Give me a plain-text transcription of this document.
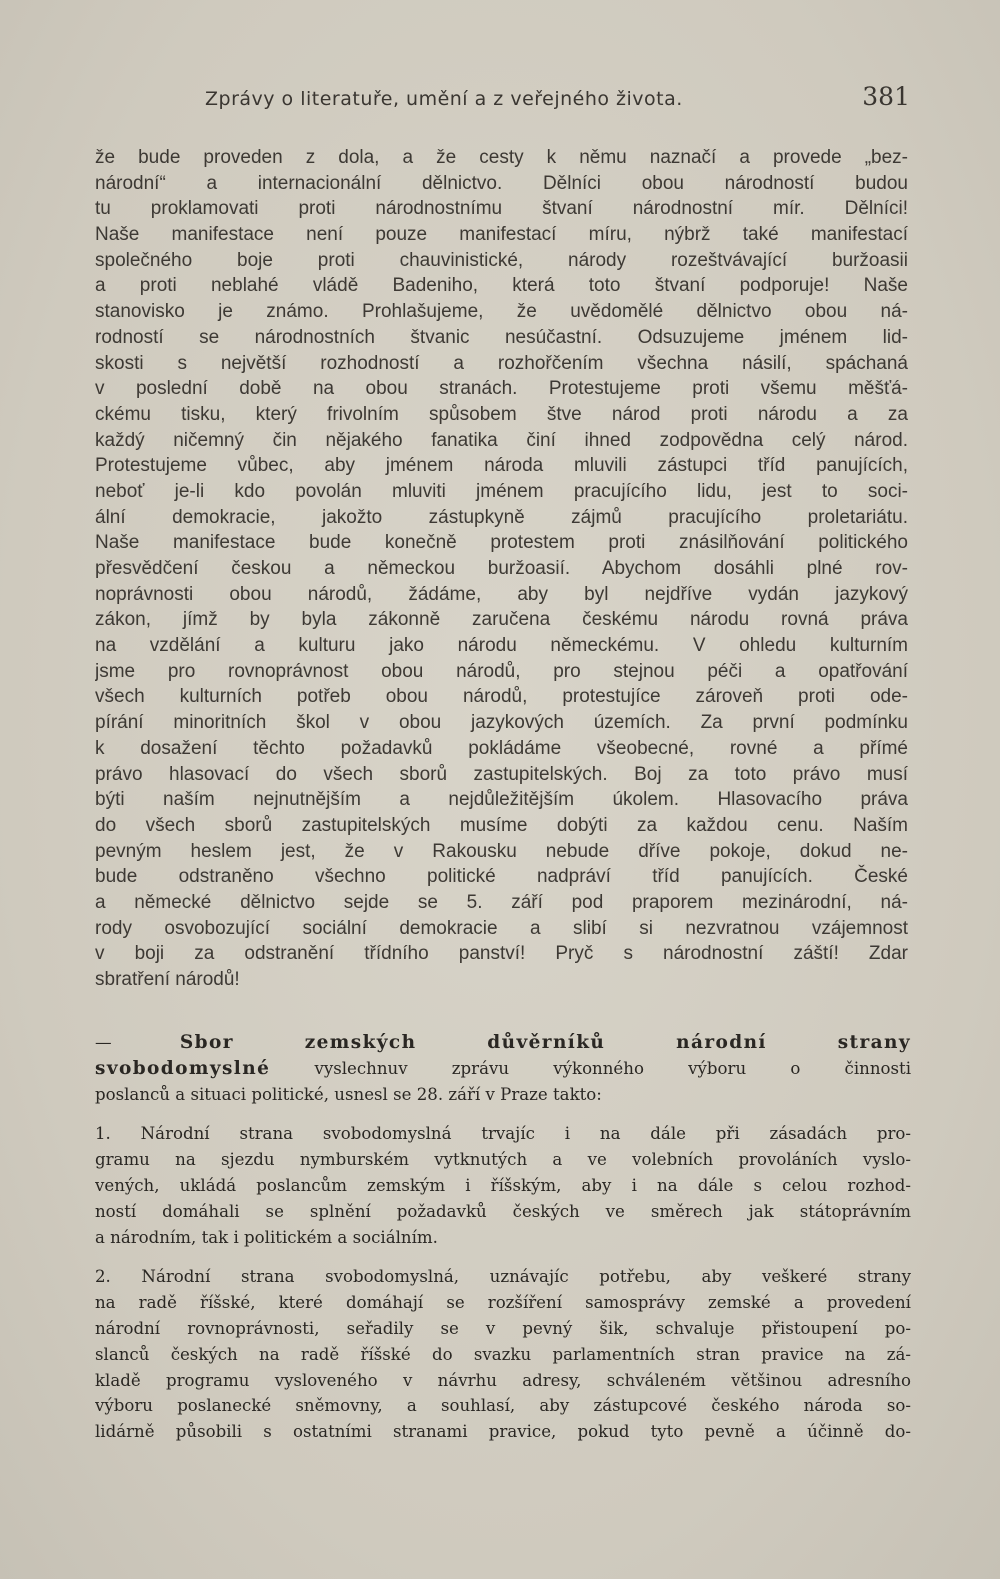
Zprávy o literatuře, umění a z veřejného života.	381
že bude proveden z dola, a že cesty k němu naznačí a provede „bez-
národní“ a internacionální dělnictvo. Dělníci obou národností budou
tu proklamovati proti národnostnímu štvaní národnostní mír. Dělníci!
Naše manifestace není pouze manifestací míru, nýbrž také manifestací
společného boje proti chauvinistické, národy rozeštvávající buržoasii
a proti neblahé vládě Badeniho, která toto štvaní podporuje! Naše
stanovisko je známo. Prohlašujeme, že uvědomělé dělnictvo obou ná-
rodností se národnostních štvanic nesúčastní. Odsuzujeme jménem lid-
skosti s největší rozhodností a rozhořčením všechna násilí, spáchaná
v poslední době na obou stranách. Protestujeme proti všemu měšťá-
ckému tisku, který frivolním spůsobem štve národ proti národu a za
každý ničemný čin nějakého fanatika činí ihned zodpovědna celý národ.
Protestujeme vůbec, aby jménem národa mluvili zástupci tříd panujících,
neboť je-li kdo povolán mluviti jménem pracujícího lidu, jest to soci-
ální demokracie, jakožto zástupkyně zájmů pracujícího proletariátu.
Naše manifestace bude konečně protestem proti znásilňování politického
přesvědčení českou a německou buržoasií. Abychom dosáhli plné rov-
noprávnosti obou národů, žádáme, aby byl nejdříve vydán jazykový
zákon, jímž by byla zákonně zaručena českému národu rovná práva
na vzdělání a kulturu jako národu německému. V ohledu kulturním
jsme pro rovnoprávnost obou národů, pro stejnou péči a opatřování
všech kulturních potřeb obou národů, protestujíce zároveň proti ode-
pírání minoritních škol v obou jazykových územích. Za první podmínku
k dosažení těchto požadavků pokládáme všeobecné, rovné a přímé
právo hlasovací do všech sborů zastupitelských. Boj za toto právo musí
býti naším nejnutnějším a nejdůležitějším úkolem. Hlasovacího práva
do všech sborů zastupitelských musíme dobýti za každou cenu. Naším
pevným heslem jest, že v Rakousku nebude dříve pokoje, dokud ne-
bude odstraněno všechno politické nadpráví tříd panujících. České
a německé dělnictvo sejde se 5. září pod praporem mezinárodní, ná-
rody osvobozující sociální demokracie a slibí si nezvratnou vzájemnost
v boji za odstranění třídního panství! Pryč s národnostní záští! Zdar
sbratření národů!
—	Sbor zemských důvěrníků národní strany
svobodomyslné	vyslechnuv zprávu výkonného výboru o činnosti
poslanců a situaci politické, usnesl se 28. září v Praze takto:
1. Národní strana svobodomyslná trvajíc i na dále při zásadách pro-
gramu na sjezdu nymburském vytknutých a ve volebních provoláních vyslo-
vených, ukládá poslancům zemským i říšským, aby i na dále s celou rozhod-
ností domáhali se splnění požadavků českých ve směrech jak státoprávním
a národním, tak i politickém a sociálním.
2. Národní strana svobodomyslná, uznávajíc potřebu, aby veškeré strany
na radě říšské, které domáhají se rozšíření samosprávy zemské a provedení
národní rovnoprávnosti, seřadily se v pevný šik, schvaluje přistoupení po-
slanců českých na radě říšské do svazku parlamentních stran pravice na zá-
kladě programu vysloveného v návrhu adresy, schváleném většinou adresního
výboru poslanecké sněmovny, a souhlasí, aby zástupcové českého národa so-
lidárně působili s ostatními stranami pravice, pokud tyto pevně a účinně do-
